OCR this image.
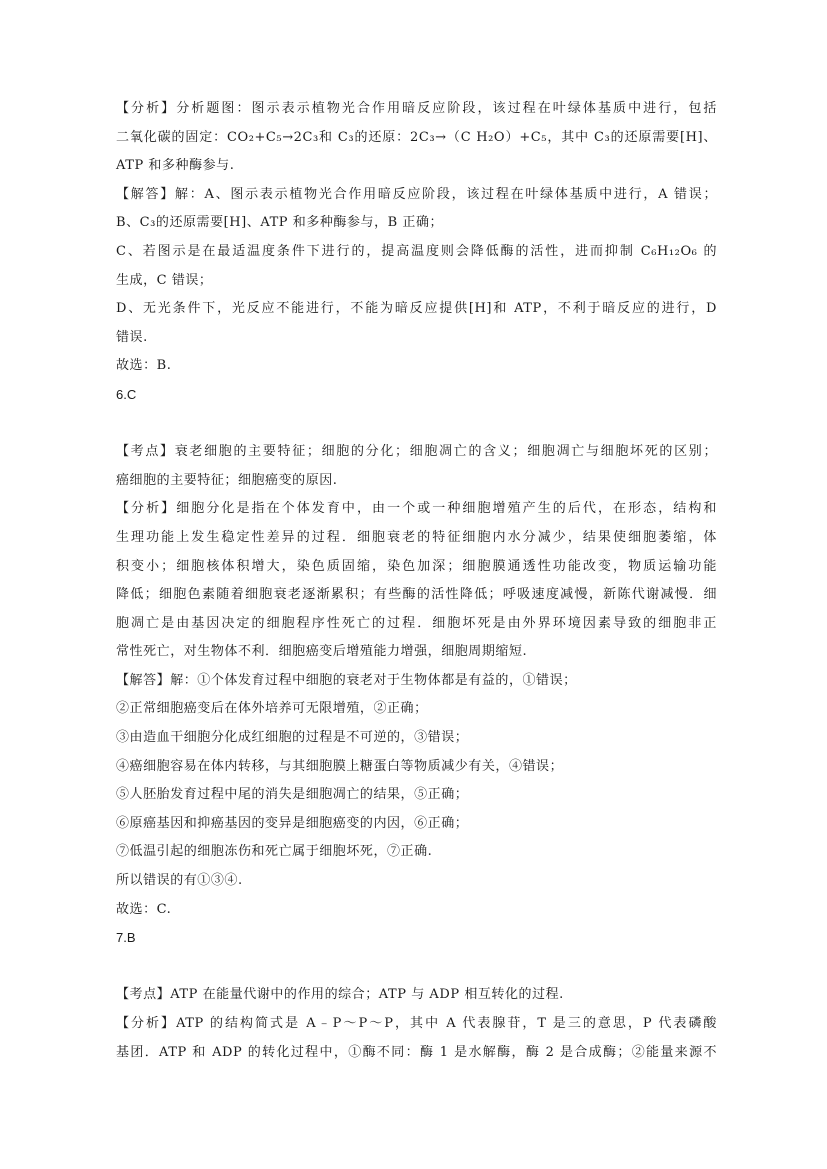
【分析】分析题图：图示表示植物光合作用暗反应阶段，该过程在叶绿体基质中进行，包括
二氧化碳的固定：CO₂+C₅→2C₃和 C₃的还原：2C₃→（C H₂O）+C₅，其中 C₃的还原需要[H]、
ATP 和多种酶参与.
【解答】解：A、图示表示植物光合作用暗反应阶段，该过程在叶绿体基质中进行，A 错误；
B、C₃的还原需要[H]、ATP 和多种酶参与，B 正确；
C、若图示是在最适温度条件下进行的，提高温度则会降低酶的活性，进而抑制 C₆H₁₂O₆ 的
生成，C 错误；
D、无光条件下，光反应不能进行，不能为暗反应提供[H]和 ATP，不利于暗反应的进行，D
错误.
故选：B.
6.C
【考点】衰老细胞的主要特征；细胞的分化；细胞凋亡的含义；细胞凋亡与细胞坏死的区别；
癌细胞的主要特征；细胞癌变的原因.
【分析】细胞分化是指在个体发育中，由一个或一种细胞增殖产生的后代，在形态，结构和
生理功能上发生稳定性差异的过程．细胞衰老的特征细胞内水分减少，结果使细胞萎缩，体
积变小；细胞核体积增大，染色质固缩，染色加深；细胞膜通透性功能改变，物质运输功能
降低；细胞色素随着细胞衰老逐渐累积；有些酶的活性降低；呼吸速度减慢，新陈代谢减慢．细
胞凋亡是由基因决定的细胞程序性死亡的过程．细胞坏死是由外界环境因素导致的细胞非正
常性死亡，对生物体不利．细胞癌变后增殖能力增强，细胞周期缩短.
【解答】解：①个体发育过程中细胞的衰老对于生物体都是有益的，①错误；
②正常细胞癌变后在体外培养可无限增殖，②正确；
③由造血干细胞分化成红细胞的过程是不可逆的，③错误；
④癌细胞容易在体内转移，与其细胞膜上糖蛋白等物质减少有关，④错误；
⑤人胚胎发育过程中尾的消失是细胞凋亡的结果，⑤正确；
⑥原癌基因和抑癌基因的变异是细胞癌变的内因，⑥正确；
⑦低温引起的细胞冻伤和死亡属于细胞坏死，⑦正确.
所以错误的有①③④.
故选：C.
7.B
【考点】ATP 在能量代谢中的作用的综合；ATP 与 ADP 相互转化的过程.
【分析】ATP 的结构简式是 A﹣P～P～P，其中 A 代表腺苷，T 是三的意思，P 代表磷酸
基团．ATP 和 ADP 的转化过程中，①酶不同：酶 1 是水解酶，酶 2 是合成酶；②能量来源不
